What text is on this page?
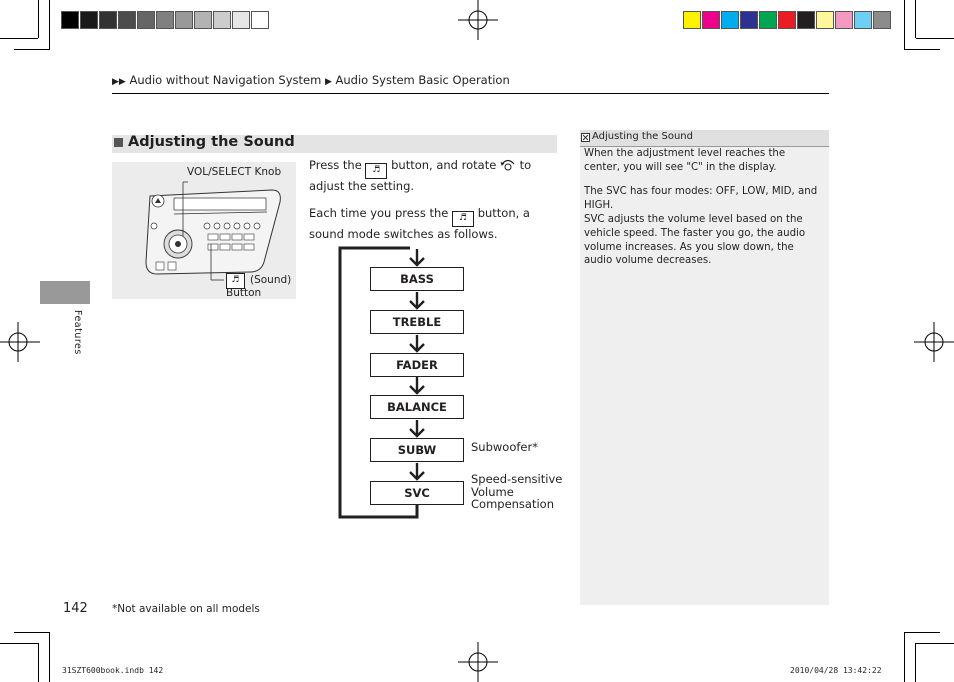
▶▶ Audio without Navigation System ▶ Audio System Basic Operation
Features
Adjusting the Sound
VOL/SELECT Knob
♬ (Sound)
Button
Press the ♬ button, and rotate to adjust the setting.
Each time you press the ♬ button, a sound mode switches as follows.
BASS
TREBLE
FADER
BALANCE
SUBW
SVC
Subwoofer*
Speed-sensitive
Volume
Compensation
Adjusting the Sound
When the adjustment level reaches the center, you will see "C" in the display.
The SVC has four modes: OFF, LOW, MID, and HIGH.
SVC adjusts the volume level based on the vehicle speed. The faster you go, the audio volume increases. As you slow down, the audio volume decreases.
142 *Not available on all models
31SZT600book.indb 142	2010/04/28 13:42:22
